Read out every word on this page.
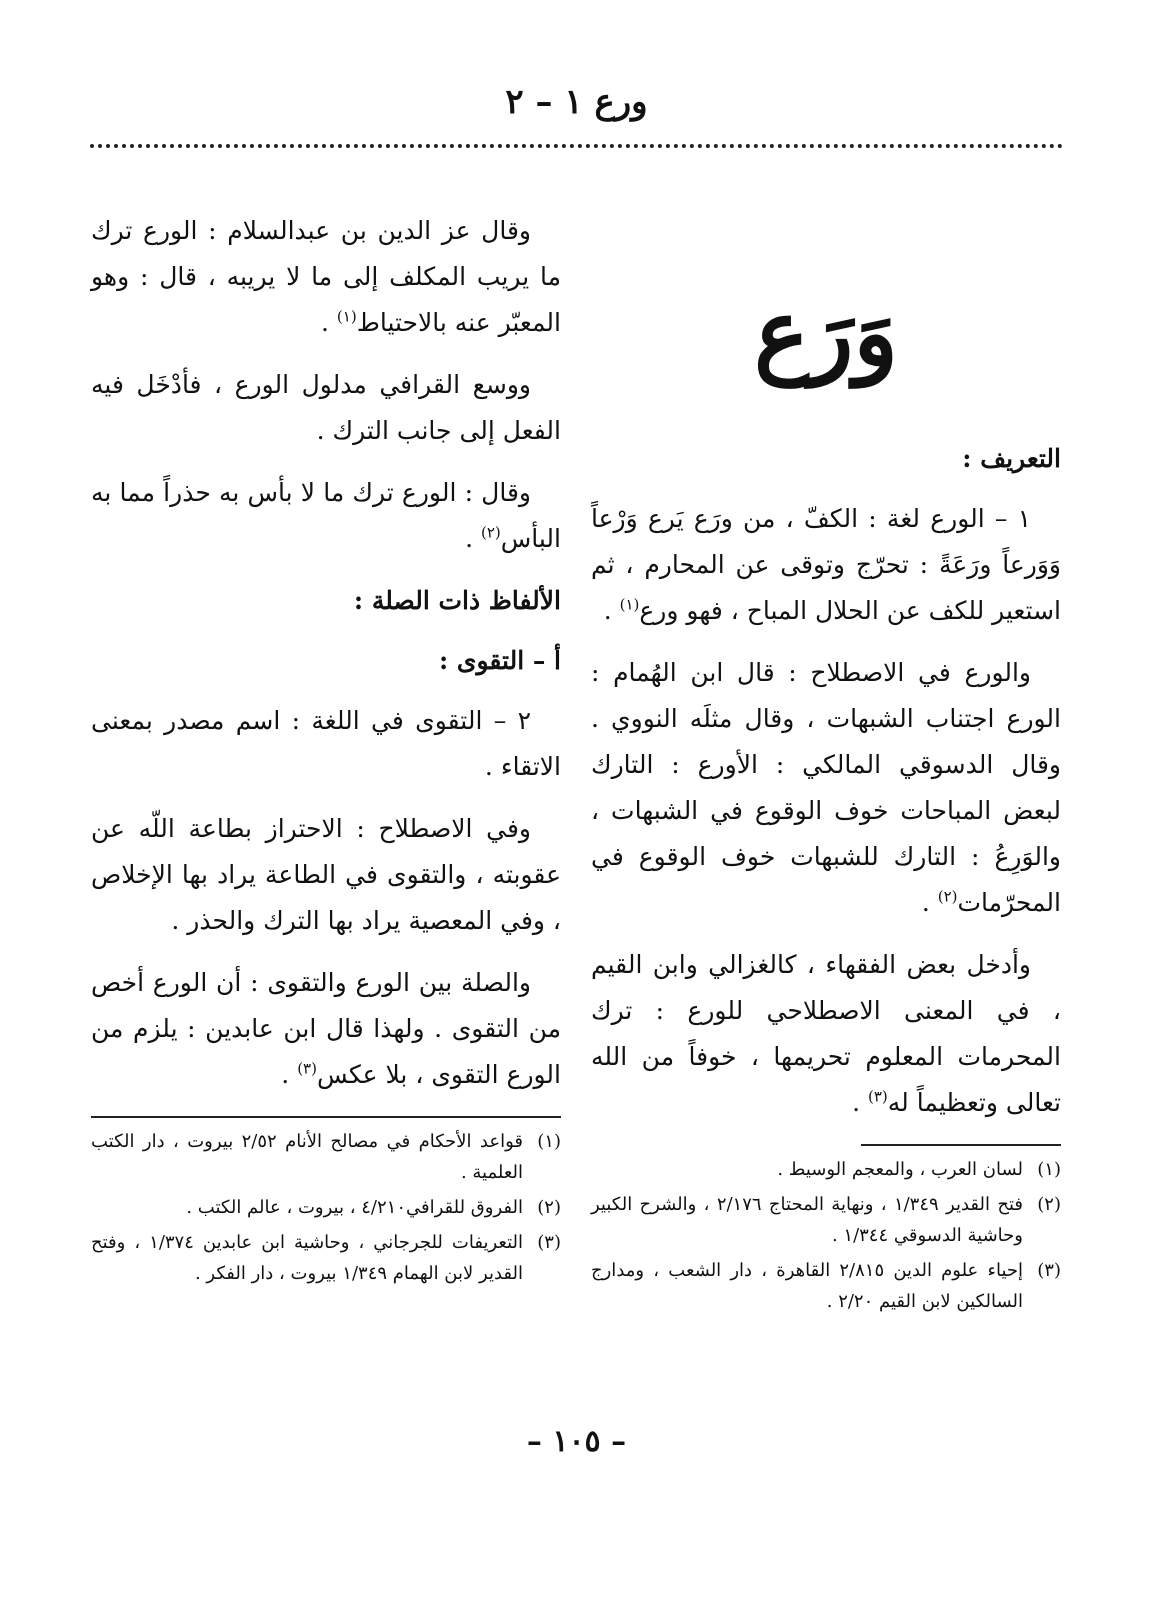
ورع ١ – ٢
وَرَع
التعريف :

١ – الورع لغة : الكفّ ، من ورَع يَرع وَرْعاً وَوَرعاً ورَعَةً : تحرّج وتوقى عن المحارم ، ثم استعير للكف عن الحلال المباح ، فهو ورع$^{(١)}$ .

والورع في الاصطلاح : قال ابن الهُمام : الورع اجتناب الشبهات ، وقال مثلَه النووي . وقال الدسوقي المالكي : الأورع : التارك لبعض المباحات خوف الوقوع في الشبهات ، والوَرِعُ : التارك للشبهات خوف الوقوع في المحرّمات$^{(٢)}$ .

وأدخل بعض الفقهاء ، كالغزالي وابن القيم ، في المعنى الاصطلاحي للورع : ترك المحرمات المعلوم تحريمها ، خوفاً من الله تعالى وتعظيماً له$^{(٣)}$ .

(١)
لسان العرب ، والمعجم الوسيط .
(٢)
فتح القدير ١/٣٤٩ ، ونهاية المحتاج ٢/١٧٦ ، والشرح الكبير وحاشية الدسوقي ١/٣٤٤ .
(٣)
إحياء علوم الدين ٢/٨١٥ القاهرة ، دار الشعب ، ومدارج السالكين لابن القيم ٢/٢٠ .

وقال عز الدين بن عبدالسلام : الورع ترك ما يريب المكلف إلى ما لا يريبه ، قال : وهو المعبّر عنه بالاحتياط$^{(١)}$ .

ووسع القرافي مدلول الورع ، فأدْخَل فيه الفعل إلى جانب الترك .

وقال : الورع ترك ما لا بأس به حذراً مما به البأس$^{(٢)}$ .

الألفاظ ذات الصلة :
أ – التقوى :

٢ – التقوى في اللغة : اسم مصدر بمعنى الاتقاء .

وفي الاصطلاح : الاحتراز بطاعة اللّه عن عقوبته ، والتقوى في الطاعة يراد بها الإخلاص ، وفي المعصية يراد بها الترك والحذر .

والصلة بين الورع والتقوى : أن الورع أخص من التقوى . ولهذا قال ابن عابدين : يلزم من الورع التقوى ، بلا عكس$^{(٣)}$ .

(١)
قواعد الأحكام في مصالح الأنام ٢/٥٢ بيروت ، دار الكتب العلمية .
(٢)
الفروق للقرافي٤/٢١٠ ، بيروت ، عالم الكتب .
(٣)
التعريفات للجرجاني ، وحاشية ابن عابدين ١/٣٧٤ ، وفتح القدير لابن الهمام ١/٣٤٩ بيروت ، دار الفكر .
– ١٠٥ –
